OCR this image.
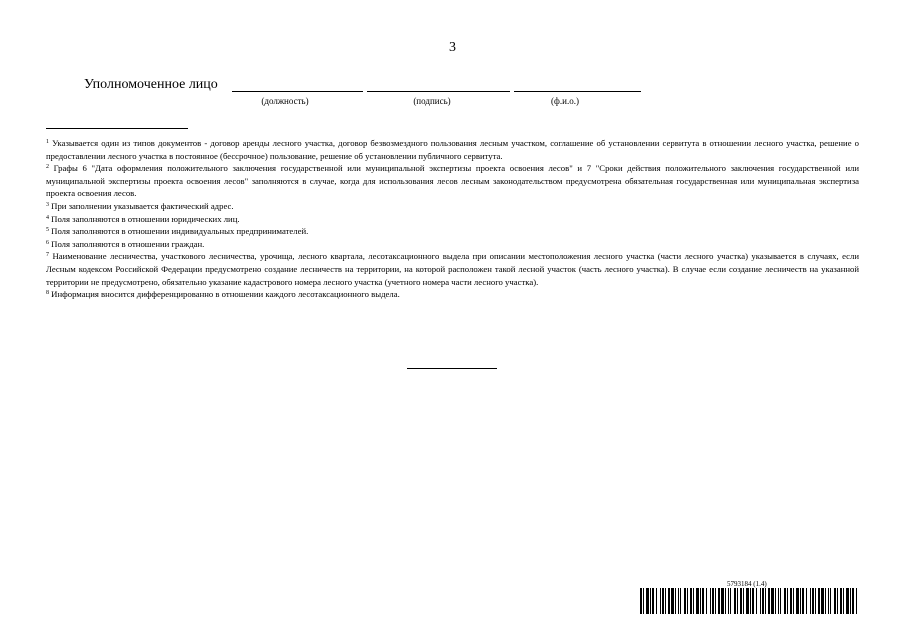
3
Уполномоченное лицо
(должность)	(подпись)	(ф.и.о.)

$^1$ Указывается один из типов документов - договор аренды лесного участка, договор безвозмездного пользования лесным участком, соглашение об установлении сервитута в отношении лесного участка, решение о предоставлении лесного участка в постоянное (бессрочное) пользование, решение об установлении публичного сервитута.

$^2$ Графы 6 "Дата оформления положительного заключения государственной или муниципальной экспертизы проекта освоения лесов" и 7 "Сроки действия положительного заключения государственной или муниципальной экспертизы проекта освоения лесов" заполняются в случае, когда для использования лесов лесным законодательством предусмотрена обязательная государственная или муниципальная экспертиза проекта освоения лесов.

$^3$ При заполнении указывается фактический адрес.

$^4$ Поля заполняются в отношении юридических лиц.

$^5$ Поля заполняются в отношении индивидуальных предпринимателей.

$^6$ Поля заполняются в отношении граждан.

$^7$ Наименование лесничества, участкового лесничества, урочища, лесного квартала, лесотаксационного выдела при описании местоположения лесного участка (части лесного участка) указывается в случаях, если Лесным кодексом Российской Федерации предусмотрено создание лесничеств на территории, на которой расположен такой лесной участок (часть лесного участка). В случае если создание лесничеств на указанной территории не предусмотрено, обязательно указание кадастрового номера лесного участка (учетного номера части лесного участка).

$^8$ Информация вносится дифференцированно в отношении каждого лесотаксационного выдела.

5793184 (1.4)
